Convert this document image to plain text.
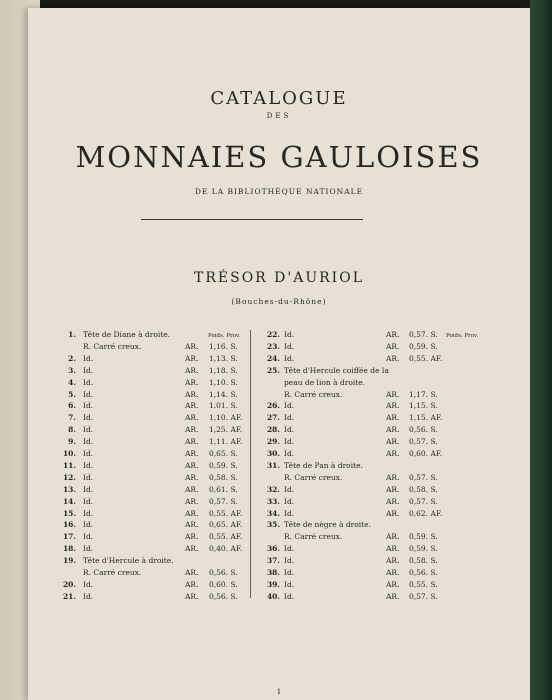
CATALOGUE
DES
MONNAIES GAULOISES
DE LA BIBLIOTHÈQUE NATIONALE
TRÉSOR D'AURIOL
(Bouches-du-Rhône)
Poids. Prov.	Poids. Prov.
1. Tête de Diane à droite.
R. Carré creux.	AR. 1,16. S.
2. Id.	AR. 1,13. S.
3. Id.	AR. 1,18. S.
4. Id.	AR. 1,10. S.
5. Id.	AR. 1,14. S.
6. Id.	AR. 1.01. S.
7. Id.	AR. 1,10. AF.
8. Id.	AR. 1,25. AF.
9. Id.	AR. 1,11. AF.
10. Id.	AR. 0,65. S.
11. Id.	AR. 0,59. S.
12. Id.	AR. 0,58. S.
13. Id.	AR. 0,61. S.
14. Id.	AR. 0,57. S.
15. Id.	AR. 0,55. AF.
16. Id.	AR. 0,65. AF.
17. Id.	AR. 0,55. AF.
18. Id.	AR. 0,40. AF.
19. Tête d'Hercule à droite.
R. Carré creux.	AR. 0,56. S.
20. Id.	AR. 0,60. S.
21. Id.	AR. 0,56. S.
22. Id.	AR. 0,57. S.
23. Id.	AR. 0,59. S.
24. Id.	AR. 0,55. AF.
25. Tête d'Hercule coiffée de la
peau de lion à droite.
R. Carré creux.	AR. 1,17. S.
26. Id.	AR. 1,15. S.
27. Id.	AR. 1,15. AF.
28. Id.	AR. 0,56. S.
29. Id.	AR. 0,57. S.
30. Id.	AR. 0,60. AF.
31. Tête de Pan à droite.
R. Carré creux.	AR. 0,57. S.
32. Id.	AR. 0,58. S.
33. Id.	AR. 0,57. S.
34. Id.	AR. 0,62. AF.
35. Tête de nègre à droite.
R. Carré creux.	AR. 0,59. S.
36. Id.	AR. 0,59. S.
37. Id.	AR. 0,58. S.
38. Id.	AR. 0,56. S.
39. Id.	AR. 0,55. S.
40. Id.	AR. 0,57. S.
1
